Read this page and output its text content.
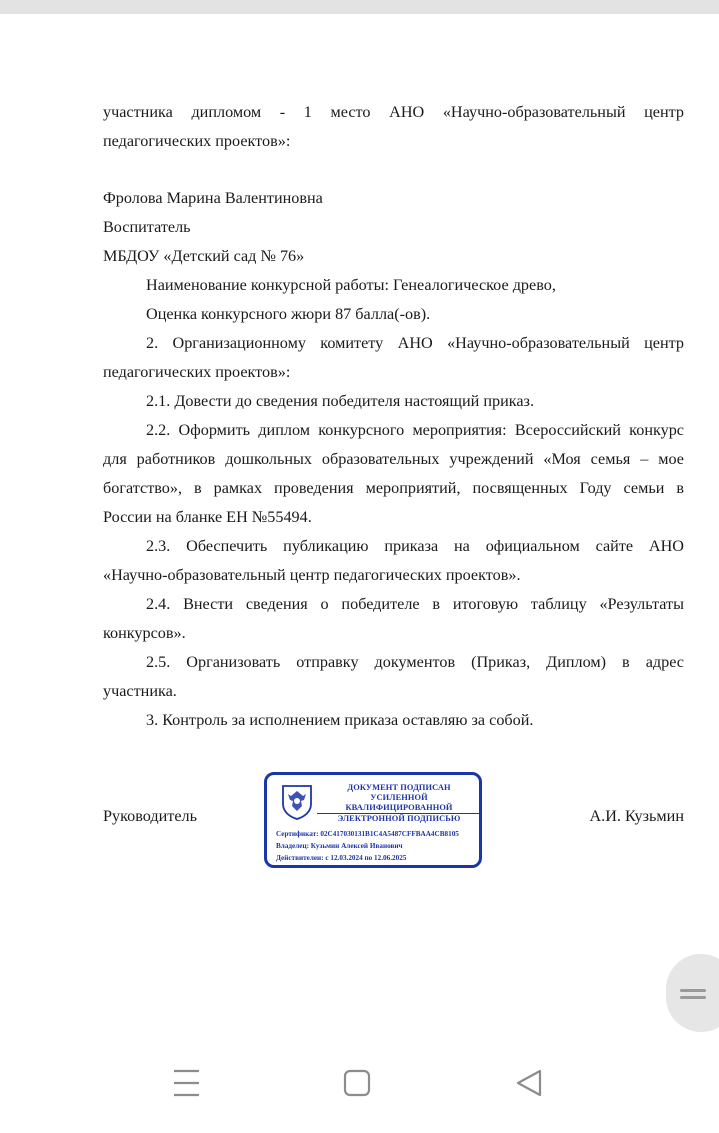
участника дипломом - 1 место АНО «Научно-образовательный центр
педагогических проектов»:
Фролова Марина Валентиновна
Воспитатель
МБДОУ «Детский сад № 76»
Наименование конкурсной работы: Генеалогическое древо,
Оценка конкурсного жюри 87 балла(-ов).
2. Организационному комитету АНО «Научно-образовательный центр
педагогических проектов»:
2.1. Довести до сведения победителя настоящий приказ.
2.2. Оформить диплом конкурсного мероприятия: Всероссийский конкурс
для работников дошкольных образовательных учреждений «Моя семья – мое
богатство», в рамках проведения мероприятий, посвященных Году семьи в
России на бланке ЕН №55494.
2.3. Обеспечить публикацию приказа на официальном сайте АНО
«Научно-образовательный центр педагогических проектов».
2.4. Внести сведения о победителе в итоговую таблицу «Результаты
конкурсов».
2.5. Организовать отправку документов (Приказ, Диплом) в адрес
участника.
3. Контроль за исполнением приказа оставляю за собой.
Руководитель	А.И. Кузьмин
ДОКУМЕНТ ПОДПИСАН
УСИЛЕННОЙ КВАЛИФИЦИРОВАННОЙ
ЭЛЕКТРОННОЙ ПОДПИСЬЮ
Сертификат: 02C417030131B1C4A5487CFFBAA4CB8105
Владелец: Кузьмин Алексей Иванович
Действителен: с 12.03.2024 по 12.06.2025
